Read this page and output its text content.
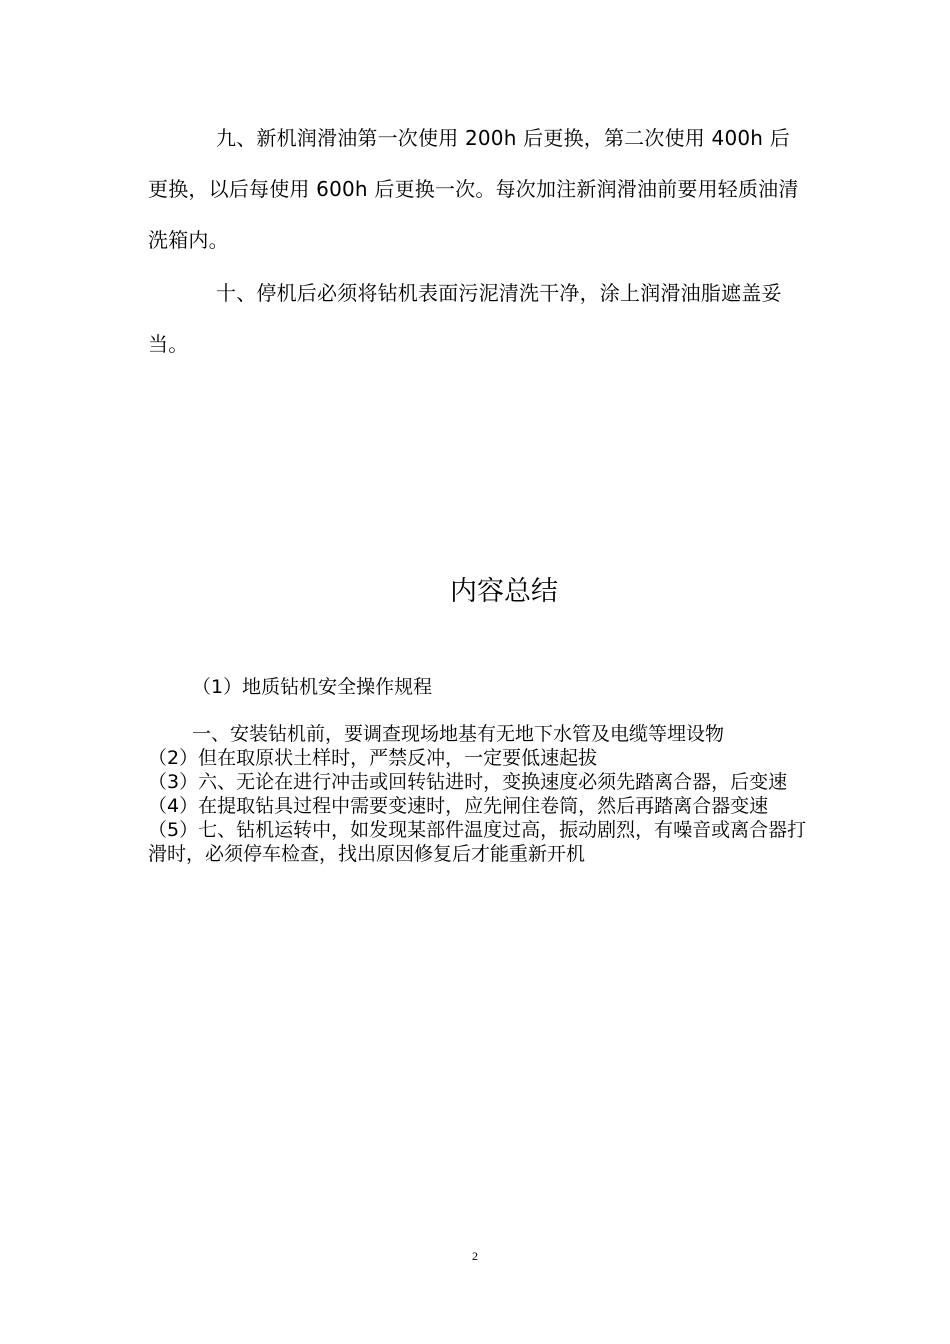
九、新机润滑油第一次使用 200h 后更换，第二次使用 400h 后更换，以后每使用 600h 后更换一次。每次加注新润滑油前要用轻质油清洗箱内。

十、停机后必须将钻机表面污泥清洗干净，涂上润滑油脂遮盖妥当。

内容总结

（1）地质钻机安全操作规程

一、安装钻机前，要调查现场地基有无地下水管及电缆等埋设物
（2）但在取原状土样时，严禁反冲，一定要低速起拔
（3）六、无论在进行冲击或回转钻进时，变换速度必须先踏离合器，后变速
（4）在提取钻具过程中需要变速时，应先闸住卷筒，然后再踏离合器变速
（5）七、钻机运转中，如发现某部件温度过高，振动剧烈，有噪音或离合器打滑时，必须停车检查，找出原因修复后才能重新开机
2
